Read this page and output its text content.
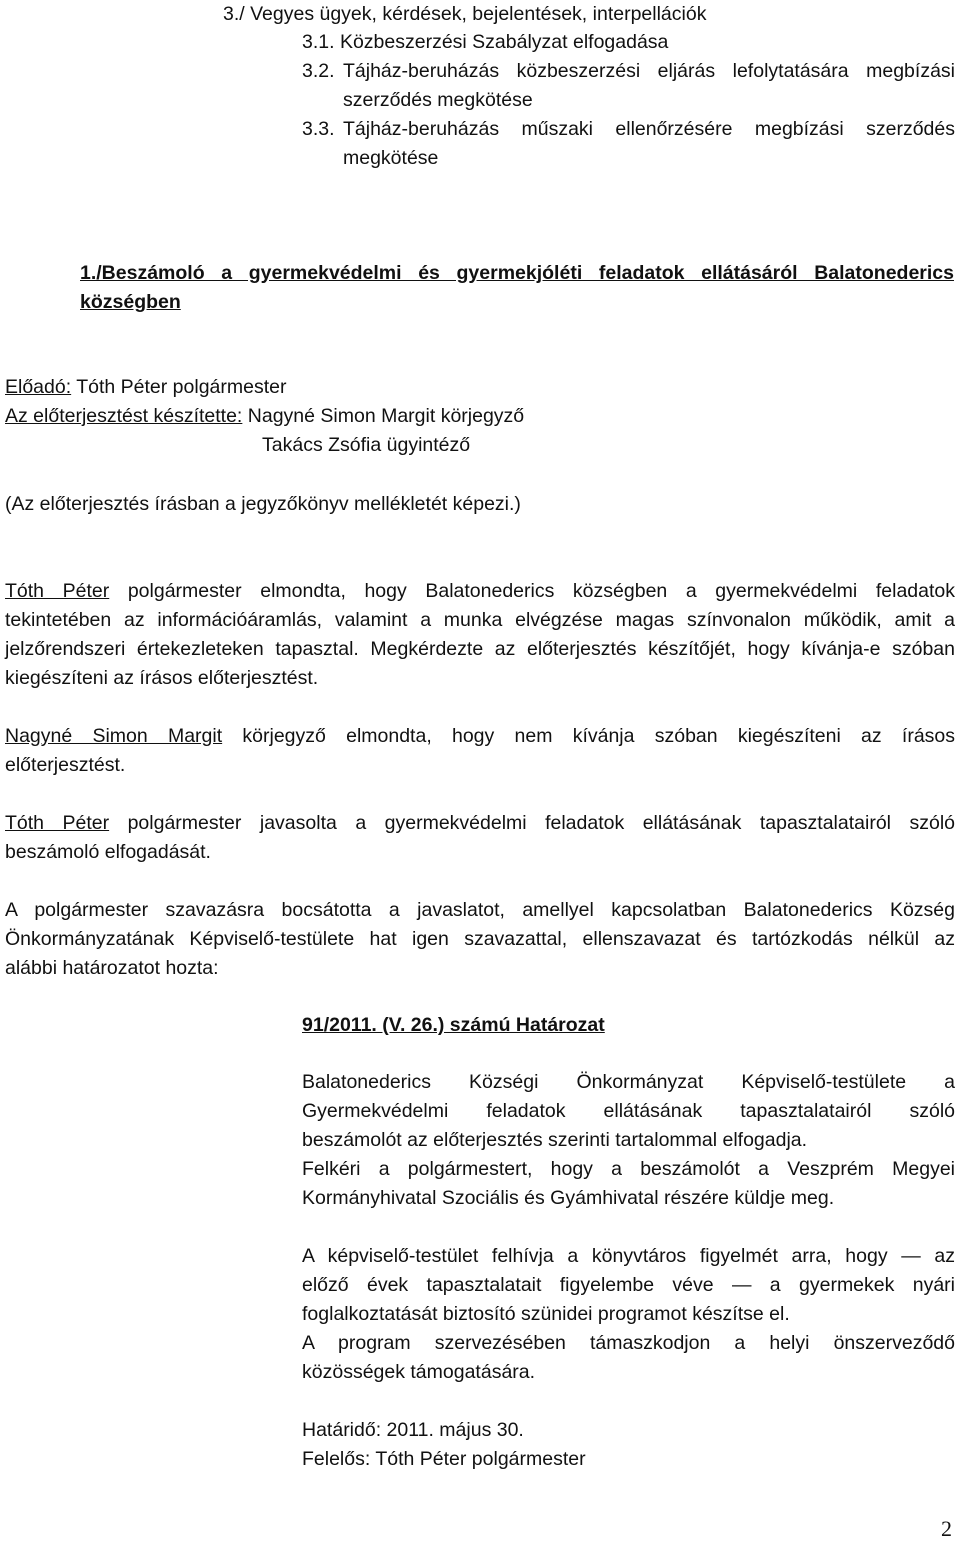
3./ Vegyes ügyek, kérdések, bejelentések, interpellációk
3.1. Közbeszerzési Szabályzat elfogadása
3.2. Tájház-beruházás közbeszerzési eljárás lefolytatására megbízási
szerződés megkötése
3.3. Tájház-beruházás műszaki ellenőrzésére megbízási szerződés
megkötése
1./Beszámoló a gyermekvédelmi és gyermekjóléti feladatok ellátásáról Balatonederics
községben
Előadó: Tóth Péter polgármester
Az előterjesztést készítette: Nagyné Simon Margit körjegyző
Takács Zsófia ügyintéző
(Az előterjesztés írásban a jegyzőkönyv mellékletét képezi.)
Tóth Péter polgármester elmondta, hogy Balatonederics községben a gyermekvédelmi feladatok
tekintetében az információáramlás, valamint a munka elvégzése magas színvonalon működik, amit a
jelzőrendszeri értekezleteken tapasztal. Megkérdezte az előterjesztés készítőjét, hogy kívánja-e szóban
kiegészíteni az írásos előterjesztést.
Nagyné Simon Margit körjegyző elmondta, hogy nem kívánja szóban kiegészíteni az írásos
előterjesztést.
Tóth Péter polgármester javasolta a gyermekvédelmi feladatok ellátásának tapasztalatairól szóló
beszámoló elfogadását.
A polgármester szavazásra bocsátotta a javaslatot, amellyel kapcsolatban Balatonederics Község
Önkormányzatának Képviselő-testülete hat igen szavazattal, ellenszavazat és tartózkodás nélkül az
alábbi határozatot hozta:
91/2011. (V. 26.) számú Határozat
Balatonederics Községi Önkormányzat Képviselő-testülete a
Gyermekvédelmi feladatok ellátásának tapasztalatairól szóló
beszámolót az előterjesztés szerinti tartalommal elfogadja.
Felkéri a polgármestert, hogy a beszámolót a Veszprém Megyei
Kormányhivatal Szociális és Gyámhivatal részére küldje meg.
A képviselő-testület felhívja a könyvtáros figyelmét arra, hogy — az
előző évek tapasztalatait figyelembe véve — a gyermekek nyári
foglalkoztatását biztosító szünidei programot készítse el.
A program szervezésében támaszkodjon a helyi önszerveződő
közösségek támogatására.
Határidő: 2011. május 30.
Felelős: Tóth Péter polgármester
2
